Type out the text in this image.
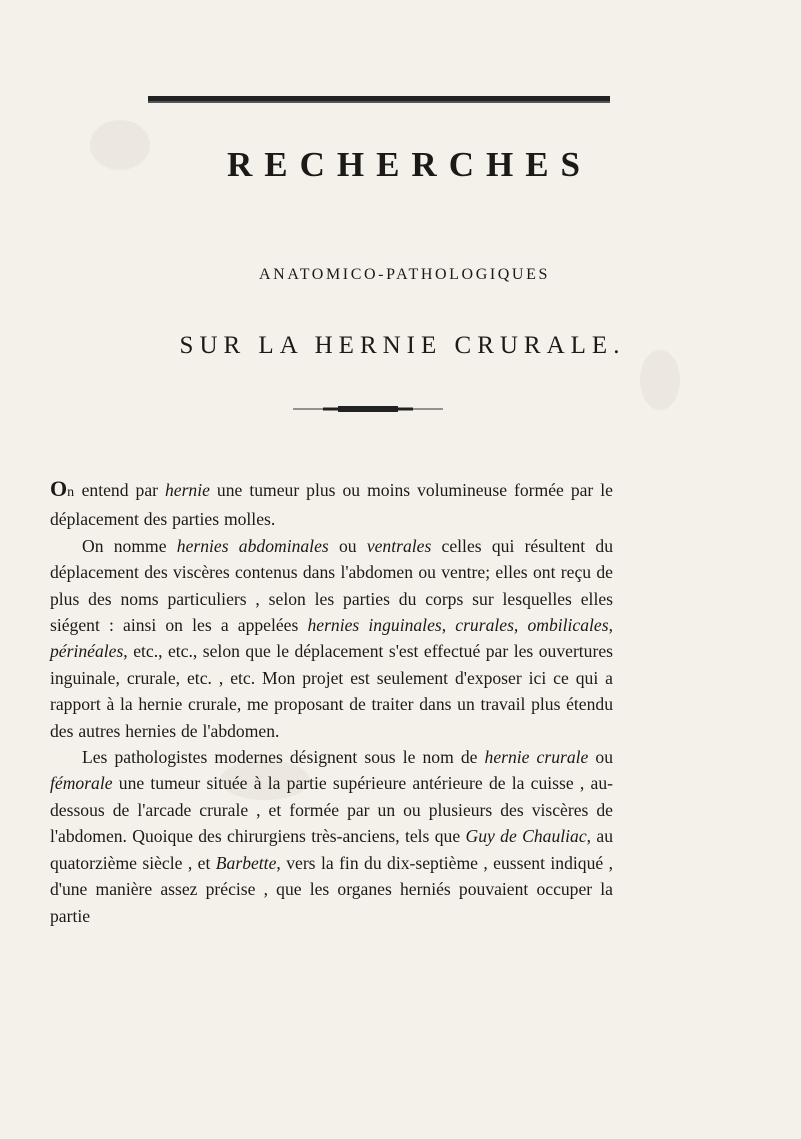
RECHERCHES
ANATOMICO-PATHOLOGIQUES
SUR LA HERNIE CRURALE.

On entend par hernie une tumeur plus ou moins volumineuse formée par le déplacement des parties molles.

On nomme hernies abdominales ou ventrales celles qui résultent du déplacement des viscères contenus dans l'abdomen ou ventre; elles ont reçu de plus des noms particuliers , selon les parties du corps sur lesquelles elles siégent : ainsi on les a appelées hernies inguinales, crurales, ombilicales, périnéales, etc., etc., selon que le déplacement s'est effectué par les ouvertures inguinale, crurale, etc. , etc. Mon projet est seulement d'exposer ici ce qui a rapport à la hernie crurale, me proposant de traiter dans un travail plus étendu des autres hernies de l'abdomen.

Les pathologistes modernes désignent sous le nom de hernie crurale ou fémorale une tumeur située à la partie supérieure antérieure de la cuisse , au-dessous de l'arcade crurale , et formée par un ou plusieurs des viscères de l'abdomen. Quoique des chirurgiens très-anciens, tels que Guy de Chauliac, au quatorzième siècle , et Barbette, vers la fin du dix-septième , eussent indiqué , d'une manière assez précise , que les organes herniés pouvaient occuper la partie
